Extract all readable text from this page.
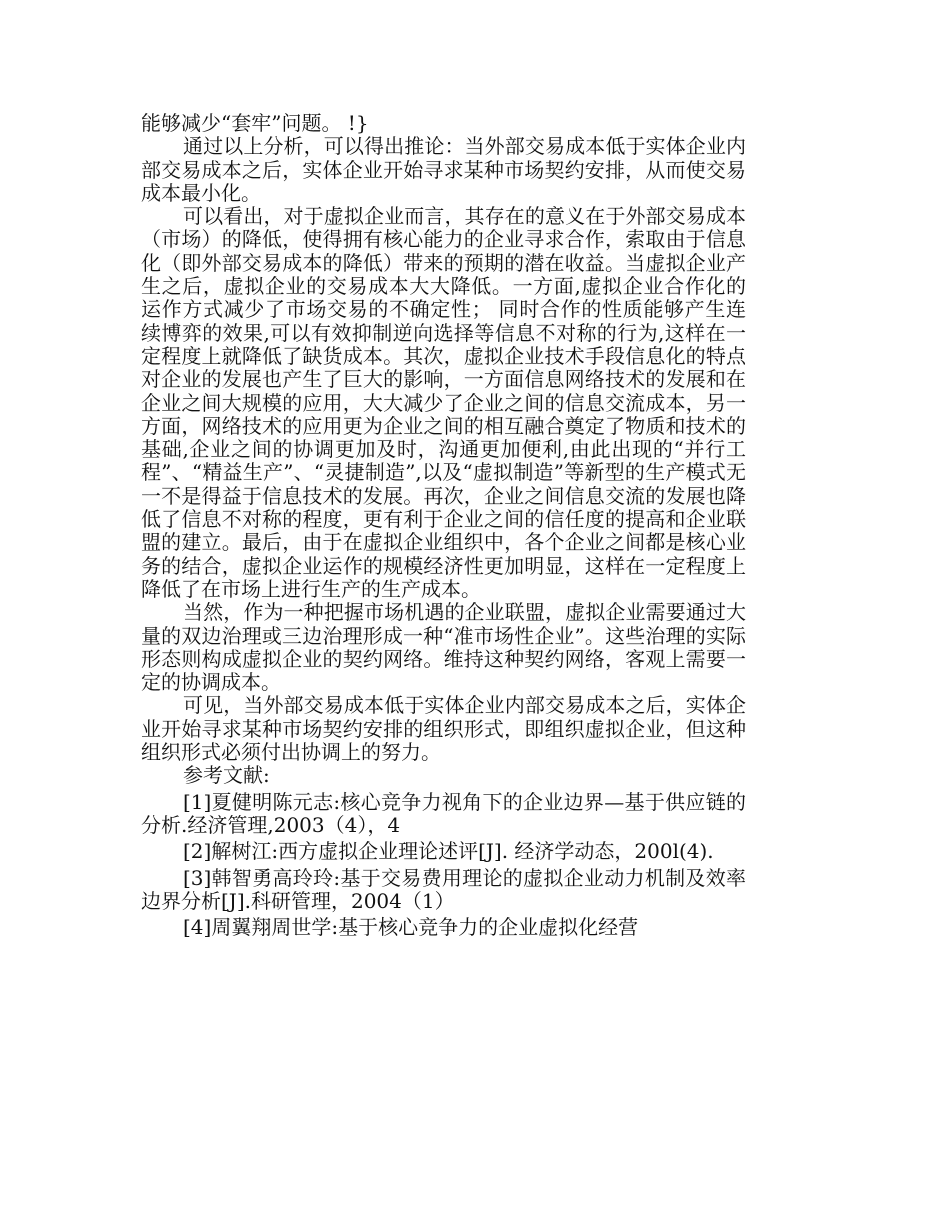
能够减少“套牢”问题。 !}

通过以上分析，可以得出推论：当外部交易成本低于实体企业内部交易成本之后，实体企业开始寻求某种市场契约安排，从而使交易成本最小化。

可以看出，对于虚拟企业而言，其存在的意义在于外部交易成本（市场）的降低，使得拥有核心能力的企业寻求合作，索取由于信息化（即外部交易成本的降低）带来的预期的潜在收益。当虚拟企业产生之后，虚拟企业的交易成本大大降低。一方面,虚拟企业合作化的运作方式减少了市场交易的不确定性； 同时合作的性质能够产生连续博弈的效果,可以有效抑制逆向选择等信息不对称的行为,这样在一定程度上就降低了缺货成本。其次，虚拟企业技术手段信息化的特点对企业的发展也产生了巨大的影响，一方面信息网络技术的发展和在企业之间大规模的应用，大大减少了企业之间的信息交流成本，另一方面，网络技术的应用更为企业之间的相互融合奠定了物质和技术的基础,企业之间的协调更加及时，沟通更加便利,由此出现的“并行工程”、“精益生产”、“灵捷制造”,以及“虚拟制造”等新型的生产模式无一不是得益于信息技术的发展。再次，企业之间信息交流的发展也降低了信息不对称的程度，更有利于企业之间的信任度的提高和企业联盟的建立。最后，由于在虚拟企业组织中，各个企业之间都是核心业务的结合，虚拟企业运作的规模经济性更加明显，这样在一定程度上降低了在市场上进行生产的生产成本。

当然，作为一种把握市场机遇的企业联盟，虚拟企业需要通过大量的双边治理或三边治理形成一种“准市场性企业”。这些治理的实际形态则构成虚拟企业的契约网络。维持这种契约网络，客观上需要一定的协调成本。

可见，当外部交易成本低于实体企业内部交易成本之后，实体企业开始寻求某种市场契约安排的组织形式，即组织虚拟企业，但这种组织形式必须付出协调上的努力。

参考文献:

[1]夏健明陈元志:核心竞争力视角下的企业边界—基于供应链的分析.经济管理,2003（4），4

[2]解树江:西方虚拟企业理论述评[J]. 经济学动态，200l(4).

[3]韩智勇高玲玲:基于交易费用理论的虚拟企业动力机制及效率边界分析[J].科研管理，2004（1）

[4]周翼翔周世学:基于核心竞争力的企业虚拟化经营
